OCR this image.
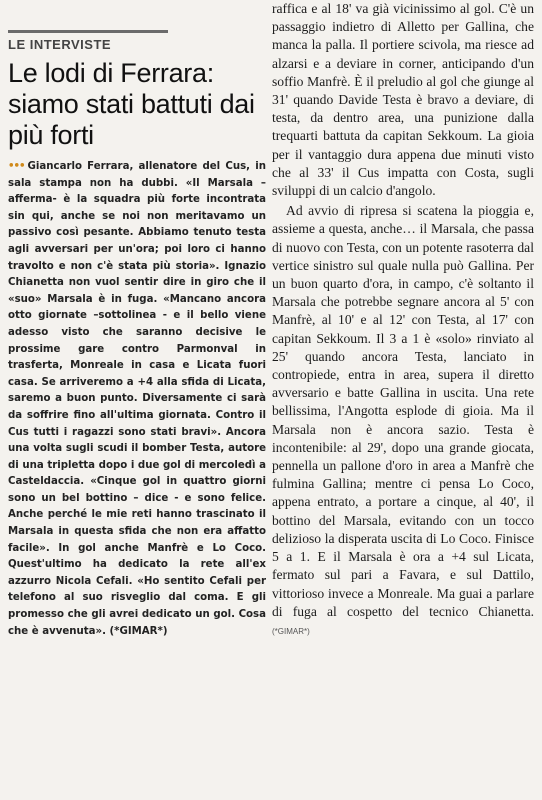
LE INTERVISTE
Le lodi di Ferrara: siamo stati battuti dai più forti

••• Giancarlo Ferrara, allenatore del Cus, in sala stampa non ha dubbi. «Il Marsala –afferma- è la squadra più forte incontrata sin qui, anche se noi non meritavamo un passivo così pesante. Abbiamo tenuto testa agli avversari per un'ora; poi loro ci hanno travolto e non c'è stata più storia». Ignazio Chianetta non vuol sentir dire in giro che il «suo» Marsala è in fuga. «Mancano ancora otto giornate –sottolinea - e il bello viene adesso visto che saranno decisive le prossime gare contro Parmonval in trasferta, Monreale in casa e Licata fuori casa. Se arriveremo a +4 alla sfida di Licata, saremo a buon punto. Diversamente ci sarà da soffrire fino all'ultima giornata. Contro il Cus tutti i ragazzi sono stati bravi». Ancora una volta sugli scudi il bomber Testa, autore di una tripletta dopo i due gol di mercoledì a Casteldaccia. «Cinque gol in quattro giorni sono un bel bottino – dice - e sono felice. Anche perché le mie reti hanno trascinato il Marsala in questa sfida che non era affatto facile». In gol anche Manfrè e Lo Coco. Quest'ultimo ha dedicato la rete all'ex azzurro Nicola Cefali. «Ho sentito Cefali per telefono al suo risveglio dal coma. E gli promesso che gli avrei dedicato un gol. Cosa che è avvenuta». (*GIMAR*)

raffica e al 18' va già vicinissimo al gol. C'è un passaggio indietro di Alletto per Gallina, che manca la palla. Il portiere scivola, ma riesce ad alzarsi e a deviare in corner, anticipando d'un soffio Manfrè. È il preludio al gol che giunge al 31' quando Davide Testa è bravo a deviare, di testa, da dentro area, una punizione dalla trequarti battuta da capitan Sekkoum. La gioia per il vantaggio dura appena due minuti visto che al 33' il Cus impatta con Costa, sugli sviluppi di un calcio d'angolo.

Ad avvio di ripresa si scatena la pioggia e, assieme a questa, anche… il Marsala, che passa di nuovo con Testa, con un potente rasoterra dal vertice sinistro sul quale nulla può Gallina. Per un buon quarto d'ora, in campo, c'è soltanto il Marsala che potrebbe segnare ancora al 5' con Manfrè, al 10' e al 12' con Testa, al 17' con capitan Sekkoum. Il 3 a 1 è «solo» rinviato al 25' quando ancora Testa, lanciato in contropiede, entra in area, supera il diretto avversario e batte Gallina in uscita. Una rete bellissima, l'Angotta esplode di gioia. Ma il Marsala non è ancora sazio. Testa è incontenibile: al 29', dopo una grande giocata, pennella un pallone d'oro in area a Manfrè che fulmina Gallina; mentre ci pensa Lo Coco, appena entrato, a portare a cinque, al 40', il bottino del Marsala, evitando con un tocco delizioso la disperata uscita di Lo Coco. Finisce 5 a 1. E il Marsala è ora a +4 sul Licata, fermato sul pari a Favara, e sul Dattilo, vittorioso invece a Monreale. Ma guai a parlare di fuga al cospetto del tecnico Chianetta. (*GIMAR*)
